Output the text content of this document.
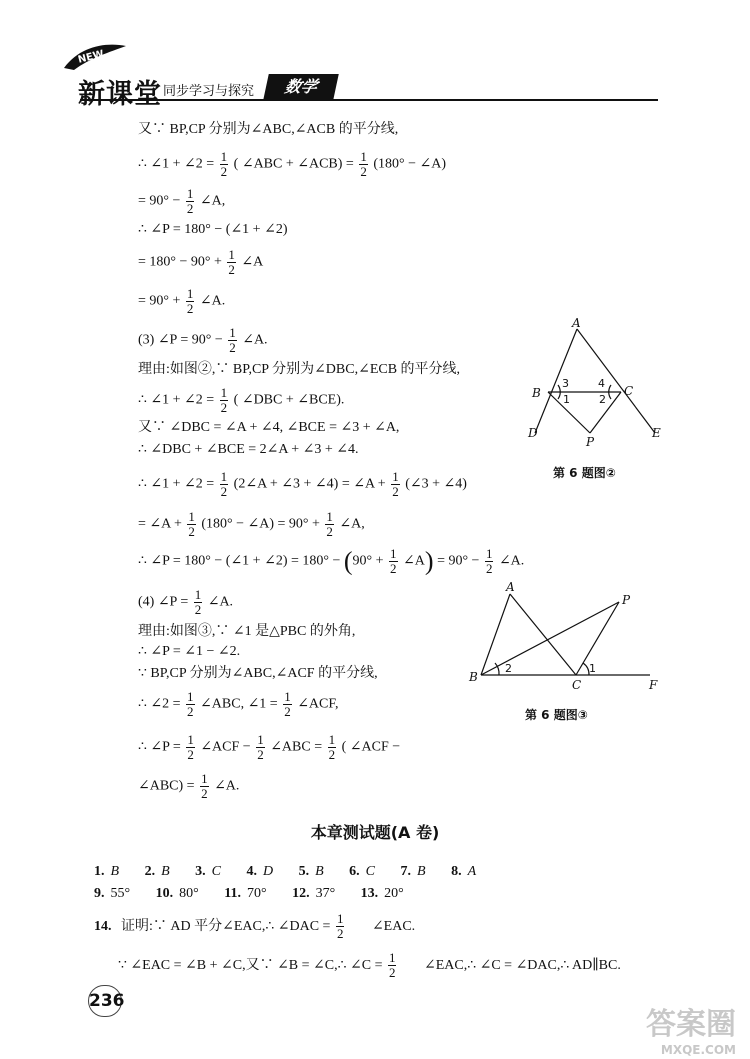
NEW
新课堂 同步学习与探究	数学
又∵ BP,CP 分别为∠ABC,∠ACB 的平分线,
∴ ∠1 + ∠2 = $\frac{1}{2}$ ( ∠ABC + ∠ACB) = $\frac{1}{2} (180^\circ$ − ∠A)
= $90^\circ - \frac{1}{2}$ ∠A,
∴ ∠P = 180° − (∠1 + ∠2)
= $180^\circ - 90^\circ + \frac{1}{2}$ ∠A
= $90^\circ + \frac{1}{2}$ ∠A.
(3) ∠P = $90^\circ - \frac{1}{2}$ ∠A.
理由:如图②,∵ BP,CP 分别为∠DBC,∠ECB 的平分线,
∴ ∠1 + ∠2 = $\frac{1}{2}$ ( ∠DBC + ∠BCE).
又∵ ∠DBC = ∠A + ∠4, ∠BCE = ∠3 + ∠A,
∴ ∠DBC + ∠BCE = 2∠A + ∠3 + ∠4.
∴ ∠1 + ∠2 = $\frac{1}{2}$ (2∠A + ∠3 + ∠4) = ∠A + $\frac{1}{2}$ (∠3 + ∠4)
= ∠A + $\frac{1}{2} (180^\circ$ − ∠A) = $90^\circ + \frac{1}{2}$ ∠A,
∴ ∠P = 180° − (∠1 + ∠2) = $180^\circ - (90^\circ + \frac{1}{2}$ ∠A) = $90^\circ - \frac{1}{2}$ ∠A.
(4) ∠P = $\frac{1}{2}$ ∠A.
理由:如图③,∵ ∠1 是△PBC 的外角,
∴ ∠P = ∠1 − ∠2.
∵ BP,CP 分别为∠ABC,∠ACF 的平分线,
∴ ∠2 = $\frac{1}{2}$ ∠ABC, ∠1 = $\frac{1}{2}$ ∠ACF,
∴ ∠P = $\frac{1}{2}$ ∠ACF − $\frac{1}{2}$ ∠ABC = $\frac{1}{2}$ ( ∠ACF −
∠ABC) = $\frac{1}{2}$ ∠A.
A
B	C
D	E
P
1	2
3	4
第 6 题图②
A
B
C	F
P
1
2
第 6 题图③
本章测试题(A 卷)
1. B 2. B 3. C 4. D 5. B 6. C 7. B 8. A
9. 55° 10. 80° 11. 70° 12. 37° 13. 20°
14. 证明:∵ AD 平分∠EAC,∴ ∠DAC = $\frac{1}{2}$ ∠EAC.
∵ ∠EAC = ∠B + ∠C,又∵ ∠B = ∠C,∴ ∠C = $\frac{1}{2}$ ∠EAC,∴ ∠C = ∠DAC,∴ AD∥BC.
236
答案圈
MXQE.COM
